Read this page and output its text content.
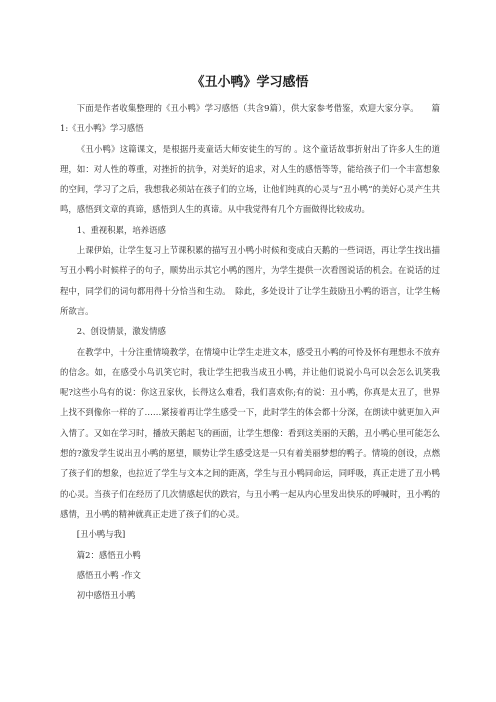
《丑小鸭》学习感悟

下面是作者收集整理的《丑小鸭》学习感悟（共含9篇），供大家参考借鉴，欢迎大家分享。　　篇1:《丑小鸭》学习感悟

《丑小鸭》这篇课文，是根据丹麦童话大师安徒生的写的 。这个童话故事折射出了许多人生的道理，如：对人性的尊重，对挫折的抗争，对美好的追求，对人生的感悟等等，能给孩子们一个丰富想象的空间，学习了之后，我想我必须站在孩子们的立场，让他们纯真的心灵与“丑小鸭”的美好心灵产生共鸣，感悟到文章的真谛，感悟到人生的真谛。从中我觉得有几个方面做得比较成功。

1、重视积累，培养语感

上课伊始，让学生复习上节课积累的描写丑小鸭小时候和变成白天鹅的一些词语，再让学生找出描写丑小鸭小时候样子的句子，顺势出示其它小鸭的图片，为学生提供一次看图说话的机会。在说话的过程中，同学们的词句都用得十分恰当和生动。　除此，多处设计了让学生鼓励丑小鸭的语言，让学生畅所欲言。

2、创设情景，激发情感

在教学中，十分注重情境教学，在情境中让学生走进文本，感受丑小鸭的可怜及怀有理想永不放弃的信念。如，在感受小鸟讥笑它时，我让学生把我当成丑小鸭，并让他们说说小鸟可以会怎么讥笑我呢?这些小鸟有的说：你这丑家伙，长得这么难看，我们喜欢你;有的说：丑小鸭，你真是太丑了，世界上找不到像你一样的了……紧接着再让学生感受一下，此时学生的体会都十分深，在朗读中就更加入声入情了。又如在学习时，播放天鹅起飞的画面，让学生想像：看到这美丽的天鹅，丑小鸭心里可能怎么想的?激发学生说出丑小鸭的愿望，顺势让学生感受这是一只有着美丽梦想的鸭子。情境的创设，点燃了孩子们的想象，也拉近了学生与文本之间的距离，学生与丑小鸭同命运，同呼吸，真正走进了丑小鸭的心灵。当孩子们在经历了几次情感起伏的跌宕，与丑小鸭一起从内心里发出快乐的呼喊时，丑小鸭的感情，丑小鸭的精神就真正走进了孩子们的心灵。

[丑小鸭与我]

篇2：感悟丑小鸭

感悟丑小鸭 -作文

初中感悟丑小鸭
